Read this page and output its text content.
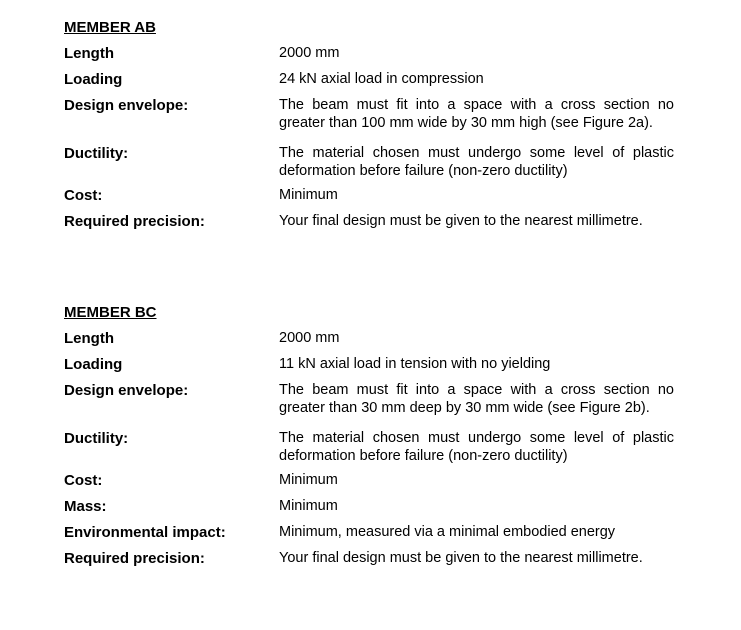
MEMBER AB
Length	2000 mm
Loading	24 kN axial load in compression
Design envelope:	The beam must fit into a space with a cross section no greater than 100 mm wide by 30 mm high (see Figure 2a).
Ductility:	The material chosen must undergo some level of plastic deformation before failure (non-zero ductility)
Cost:	Minimum
Required precision:	Your final design must be given to the nearest millimetre.
MEMBER BC
Length	2000 mm
Loading	11 kN axial load in tension with no yielding
Design envelope:	The beam must fit into a space with a cross section no greater than 30 mm deep by 30 mm wide (see Figure 2b).
Ductility:	The material chosen must undergo some level of plastic deformation before failure (non-zero ductility)
Cost:	Minimum
Mass:	Minimum
Environmental impact:	Minimum, measured via a minimal embodied energy
Required precision:	Your final design must be given to the nearest millimetre.
